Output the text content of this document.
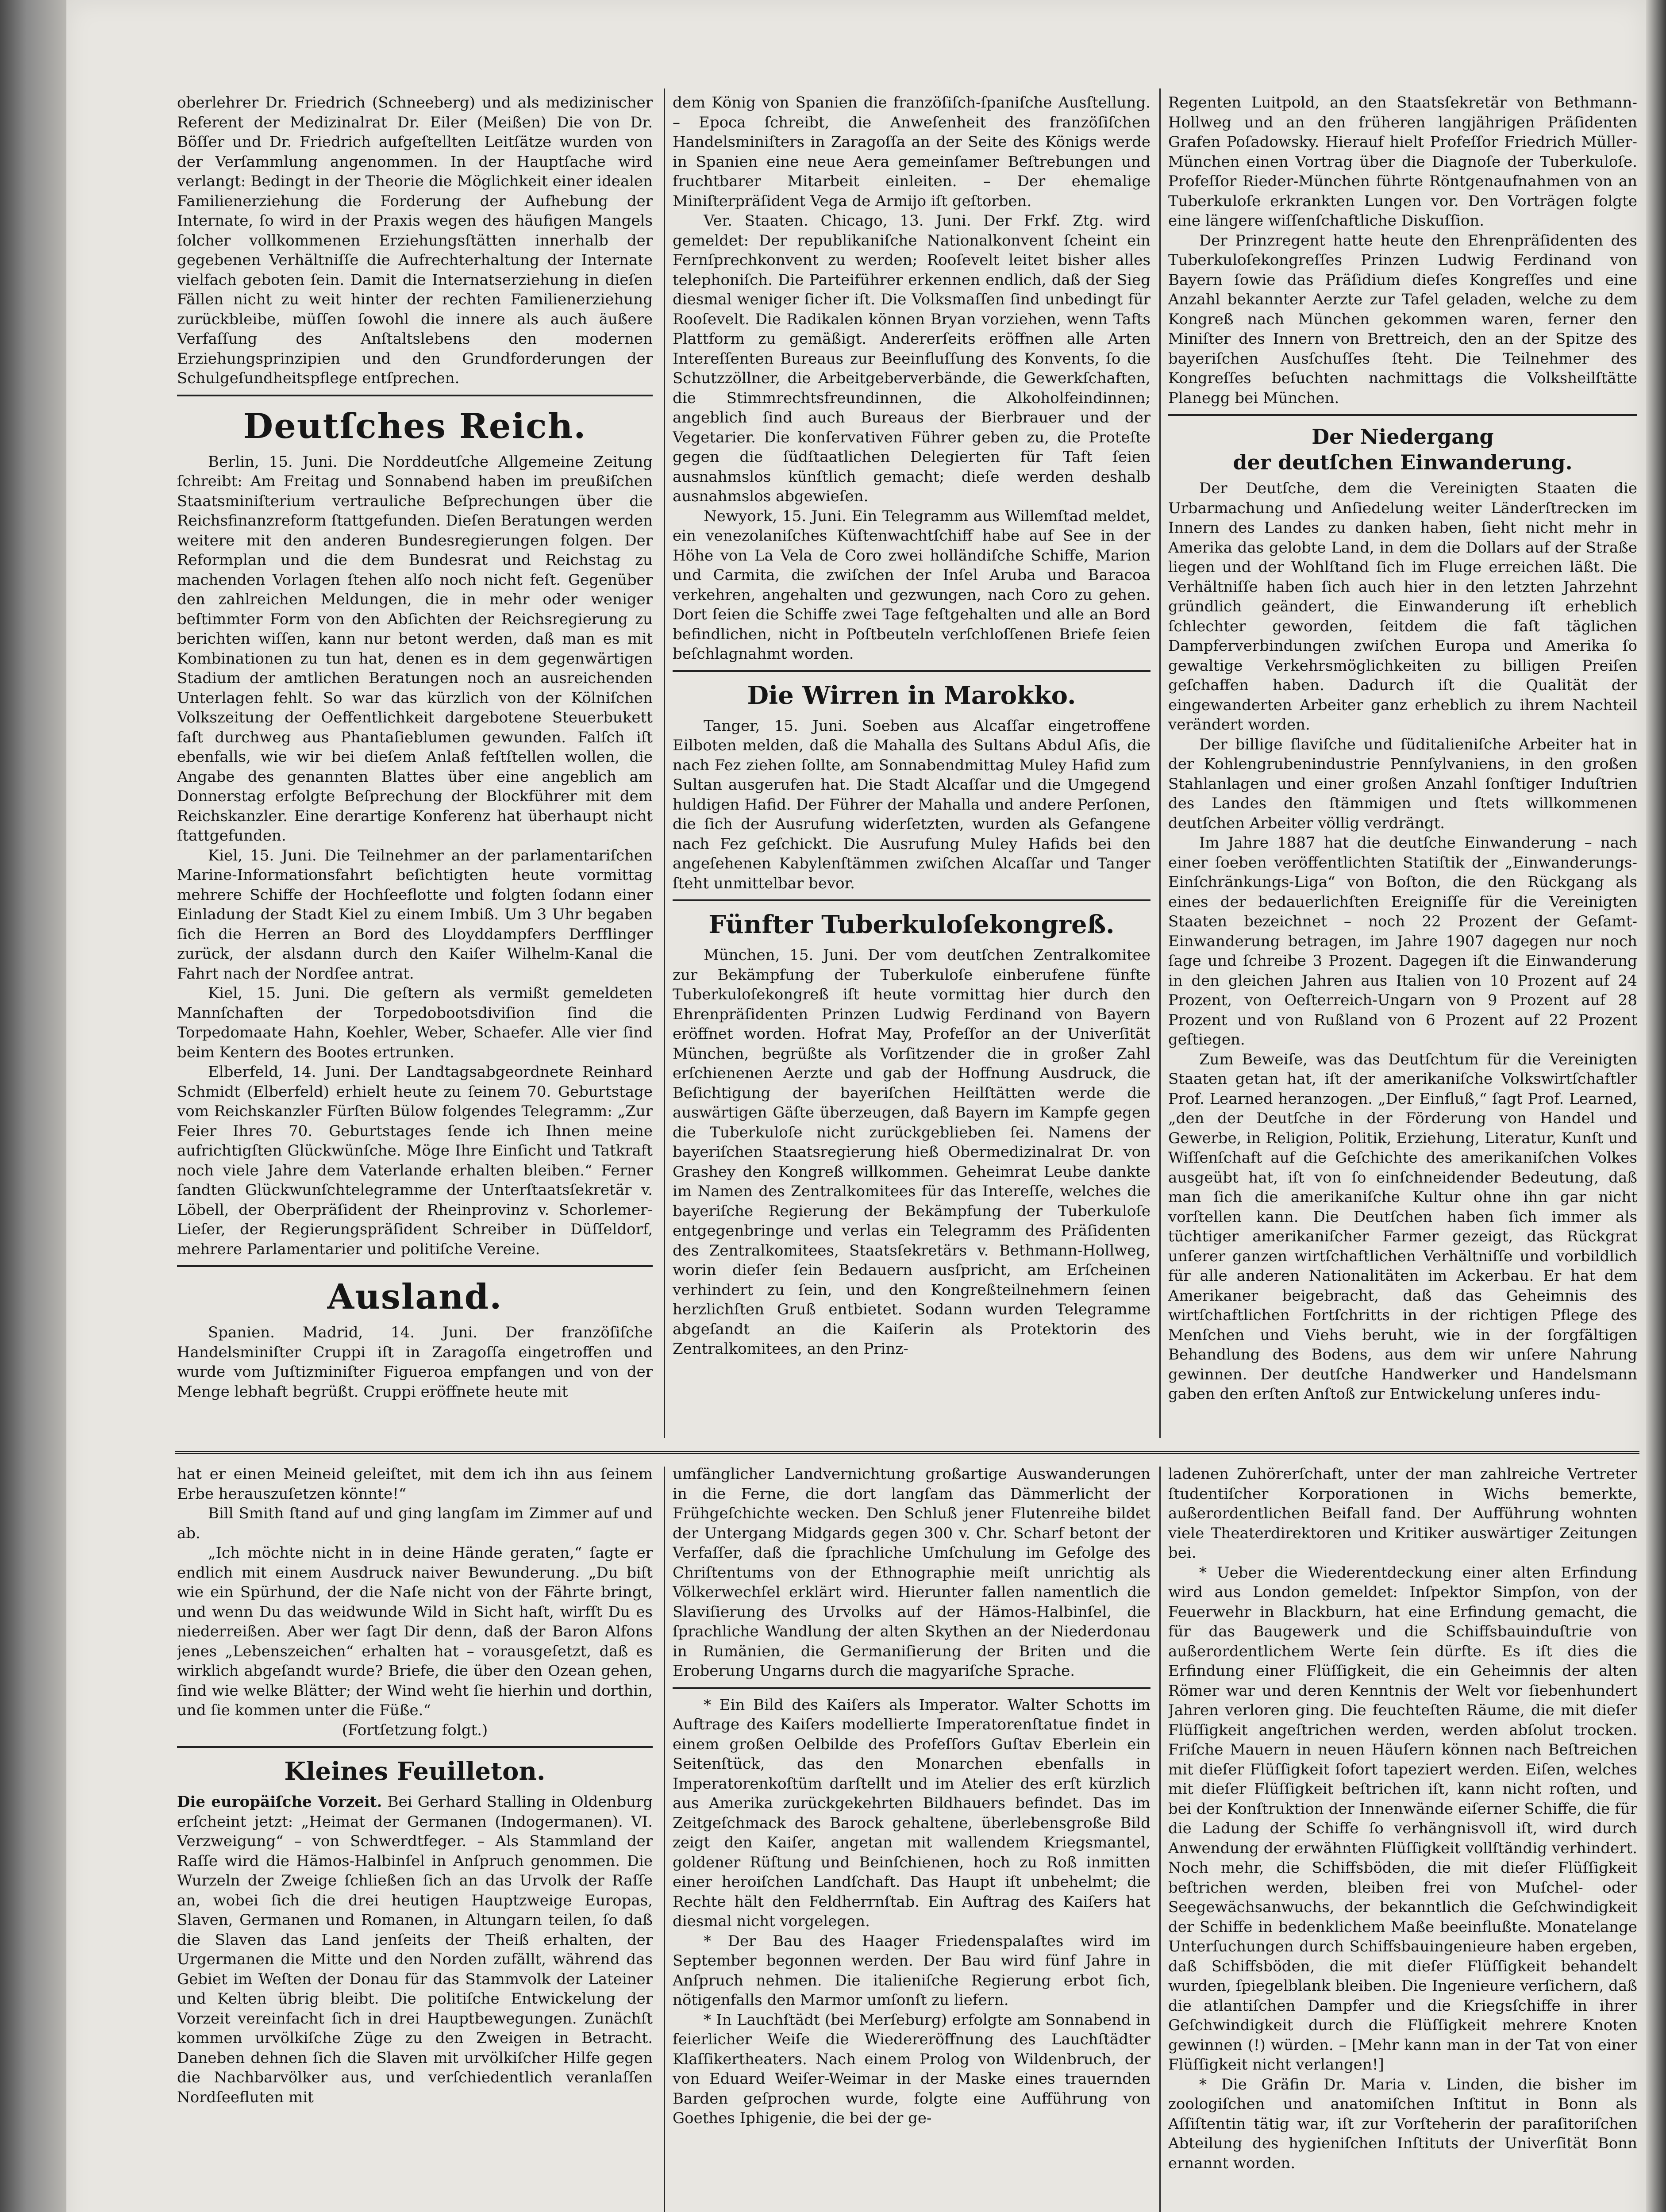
oberlehrer Dr. Friedrich (Schneeberg) und als medizinischer Referent der Medizinalrat Dr. Eiler (Meißen) Die von Dr. Böſſer und Dr. Friedrich aufgeſtellten Leitſätze wurden von der Verſammlung angenommen. In der Hauptſache wird verlangt: Bedingt in der Theorie die Möglichkeit einer idealen Familienerziehung die Forderung der Aufhebung der Internate, ſo wird in der Praxis wegen des häufigen Mangels ſolcher vollkommenen Erziehungsſtätten innerhalb der gegebenen Verhältniſſe die Aufrechterhaltung der Internate vielfach geboten ſein. Damit die Internatserziehung in dieſen Fällen nicht zu weit hinter der rechten Familienerziehung zurückbleibe, müſſen ſowohl die innere als auch äußere Verfaſſung des Anſtaltslebens den modernen Erziehungsprinzipien und den Grundforderungen der Schulgeſundheitspflege entſprechen.

Deutſches Reich.

Berlin, 15. Juni. Die Norddeutſche Allgemeine Zeitung ſchreibt: Am Freitag und Sonnabend haben im preußiſchen Staatsminiſterium vertrauliche Beſprechungen über die Reichsfinanzreform ſtattgefunden. Dieſen Beratungen werden weitere mit den anderen Bundesregierungen folgen. Der Reformplan und die dem Bundesrat und Reichstag zu machenden Vorlagen ſtehen alſo noch nicht feſt. Gegenüber den zahlreichen Meldungen, die in mehr oder weniger beſtimmter Form von den Abſichten der Reichsregierung zu berichten wiſſen, kann nur betont werden, daß man es mit Kombinationen zu tun hat, denen es in dem gegenwärtigen Stadium der amtlichen Beratungen noch an ausreichenden Unterlagen fehlt. So war das kürzlich von der Kölniſchen Volkszeitung der Oeffentlichkeit dargebotene Steuerbukett faſt durchweg aus Phantaſieblumen gewunden. Falſch iſt ebenfalls, wie wir bei dieſem Anlaß feſtſtellen wollen, die Angabe des genannten Blattes über eine angeblich am Donnerstag erfolgte Beſprechung der Blockführer mit dem Reichskanzler. Eine derartige Konferenz hat überhaupt nicht ſtattgefunden.

Kiel, 15. Juni. Die Teilnehmer an der parlamentariſchen Marine-Informationsfahrt beſichtigten heute vormittag mehrere Schiffe der Hochſeeflotte und folgten ſodann einer Einladung der Stadt Kiel zu einem Imbiß. Um 3 Uhr begaben ſich die Herren an Bord des Lloyddampfers Derfflinger zurück, der alsdann durch den Kaiſer Wilhelm-Kanal die Fahrt nach der Nordſee antrat.

Kiel, 15. Juni. Die geſtern als vermißt gemeldeten Mannſchaften der Torpedobootsdiviſion ſind die Torpedomaate Hahn, Koehler, Weber, Schaefer. Alle vier ſind beim Kentern des Bootes ertrunken.

Elberfeld, 14. Juni. Der Landtagsabgeordnete Reinhard Schmidt (Elberfeld) erhielt heute zu ſeinem 70. Geburtstage vom Reichskanzler Fürſten Bülow folgendes Telegramm: „Zur Feier Ihres 70. Geburtstages ſende ich Ihnen meine aufrichtigſten Glückwünſche. Möge Ihre Einſicht und Tatkraft noch viele Jahre dem Vaterlande erhalten bleiben.“ Ferner ſandten Glückwunſchtelegramme der Unterſtaatsſekretär v. Löbell, der Oberpräſident der Rheinprovinz v. Schorlemer-Lieſer, der Regierungspräſident Schreiber in Düſſeldorf, mehrere Parlamentarier und politiſche Vereine.

Ausland.

Spanien. Madrid, 14. Juni. Der franzöſiſche Handelsminiſter Cruppi iſt in Zaragoſſa eingetroffen und wurde vom Juſtizminiſter Figueroa empfangen und von der Menge lebhaft begrüßt. Cruppi eröffnete heute mit

dem König von Spanien die franzöſiſch-ſpaniſche Ausſtellung. – Epoca ſchreibt, die Anweſenheit des franzöſiſchen Handelsminiſters in Zaragoſſa an der Seite des Königs werde in Spanien eine neue Aera gemeinſamer Beſtrebungen und fruchtbarer Mitarbeit einleiten. – Der ehemalige Miniſterpräſident Vega de Armijo iſt geſtorben.

Ver. Staaten. Chicago, 13. Juni. Der Frkf. Ztg. wird gemeldet: Der republikaniſche Nationalkonvent ſcheint ein Fernſprechkonvent zu werden; Rooſevelt leitet bisher alles telephoniſch. Die Parteiführer erkennen endlich, daß der Sieg diesmal weniger ſicher iſt. Die Volksmaſſen ſind unbedingt für Rooſevelt. Die Radikalen können Bryan vorziehen, wenn Tafts Plattform zu gemäßigt. Andererſeits eröffnen alle Arten Intereſſenten Bureaus zur Beeinfluſſung des Konvents, ſo die Schutzzöllner, die Arbeitgeberverbände, die Gewerkſchaften, die Stimmrechtsfreundinnen, die Alkoholfeindinnen; angeblich ſind auch Bureaus der Bierbrauer und der Vegetarier. Die konſervativen Führer geben zu, die Proteſte gegen die ſüdſtaatlichen Delegierten für Taft ſeien ausnahmslos künſtlich gemacht; dieſe werden deshalb ausnahmslos abgewieſen.

Newyork, 15. Juni. Ein Telegramm aus Willemſtad meldet, ein venezolaniſches Küſtenwachtſchiff habe auf See in der Höhe von La Vela de Coro zwei holländiſche Schiffe, Marion und Carmita, die zwiſchen der Inſel Aruba und Baracoa verkehren, angehalten und gezwungen, nach Coro zu gehen. Dort ſeien die Schiffe zwei Tage feſtgehalten und alle an Bord befindlichen, nicht in Poſtbeuteln verſchloſſenen Briefe ſeien beſchlagnahmt worden.

Die Wirren in Marokko.

Tanger, 15. Juni. Soeben aus Alcaſſar eingetroffene Eilboten melden, daß die Mahalla des Sultans Abdul Aſis, die nach Fez ziehen ſollte, am Sonnabendmittag Muley Hafid zum Sultan ausgerufen hat. Die Stadt Alcaſſar und die Umgegend huldigen Hafid. Der Führer der Mahalla und andere Perſonen, die ſich der Ausrufung widerſetzten, wurden als Gefangene nach Fez geſchickt. Die Ausrufung Muley Hafids bei den angeſehenen Kabylenſtämmen zwiſchen Alcaſſar und Tanger ſteht unmittelbar bevor.

Fünfter Tuberkuloſekongreß.

München, 15. Juni. Der vom deutſchen Zentralkomitee zur Bekämpfung der Tuberkuloſe einberufene fünfte Tuberkuloſekongreß iſt heute vormittag hier durch den Ehrenpräſidenten Prinzen Ludwig Ferdinand von Bayern eröffnet worden. Hofrat May, Profeſſor an der Univerſität München, begrüßte als Vorſitzender die in großer Zahl erſchienenen Aerzte und gab der Hoffnung Ausdruck, die Beſichtigung der bayeriſchen Heilſtätten werde die auswärtigen Gäſte überzeugen, daß Bayern im Kampfe gegen die Tuberkuloſe nicht zurückgeblieben ſei. Namens der bayeriſchen Staatsregierung hieß Obermedizinalrat Dr. von Grashey den Kongreß willkommen. Geheimrat Leube dankte im Namen des Zentralkomitees für das Intereſſe, welches die bayeriſche Regierung der Bekämpfung der Tuberkuloſe entgegenbringe und verlas ein Telegramm des Präſidenten des Zentralkomitees, Staatsſekretärs v. Bethmann-Hollweg, worin dieſer ſein Bedauern ausſpricht, am Erſcheinen verhindert zu ſein, und den Kongreßteilnehmern ſeinen herzlichſten Gruß entbietet. Sodann wurden Telegramme abgeſandt an die Kaiſerin als Protektorin des Zentralkomitees, an den Prinz-

Regenten Luitpold, an den Staatsſekretär von Bethmann-Hollweg und an den früheren langjährigen Präſidenten Grafen Poſadowsky. Hierauf hielt Profeſſor Friedrich Müller-München einen Vortrag über die Diagnoſe der Tuberkuloſe. Profeſſor Rieder-München führte Röntgenaufnahmen von an Tuberkuloſe erkrankten Lungen vor. Den Vorträgen folgte eine längere wiſſenſchaftliche Diskuſſion.

Der Prinzregent hatte heute den Ehrenpräſidenten des Tuberkuloſekongreſſes Prinzen Ludwig Ferdinand von Bayern ſowie das Präſidium dieſes Kongreſſes und eine Anzahl bekannter Aerzte zur Tafel geladen, welche zu dem Kongreß nach München gekommen waren, ferner den Miniſter des Innern von Brettreich, den an der Spitze des bayeriſchen Ausſchuſſes ſteht. Die Teilnehmer des Kongreſſes beſuchten nachmittags die Volksheilſtätte Planegg bei München.

Der Niedergang
der deutſchen Einwanderung.

Der Deutſche, dem die Vereinigten Staaten die Urbarmachung und Anſiedelung weiter Länderſtrecken im Innern des Landes zu danken haben, ſieht nicht mehr in Amerika das gelobte Land, in dem die Dollars auf der Straße liegen und der Wohlſtand ſich im Fluge erreichen läßt. Die Verhältniſſe haben ſich auch hier in den letzten Jahrzehnt gründlich geändert, die Einwanderung iſt erheblich ſchlechter geworden, ſeitdem die faſt täglichen Dampferverbindungen zwiſchen Europa und Amerika ſo gewaltige Verkehrsmöglichkeiten zu billigen Preiſen geſchaffen haben. Dadurch iſt die Qualität der eingewanderten Arbeiter ganz erheblich zu ihrem Nachteil verändert worden.

Der billige ſlaviſche und ſüditalieniſche Arbeiter hat in der Kohlengrubenindustrie Pennſylvaniens, in den großen Stahlanlagen und einer großen Anzahl ſonſtiger Induſtrien des Landes den ſtämmigen und ſtets willkommenen deutſchen Arbeiter völlig verdrängt.

Im Jahre 1887 hat die deutſche Einwanderung – nach einer ſoeben veröffentlichten Statiſtik der „Einwanderungs-Einſchränkungs-Liga“ von Boſton, die den Rückgang als eines der bedauerlichſten Ereigniſſe für die Vereinigten Staaten bezeichnet – noch 22 Prozent der Geſamt-Einwanderung betragen, im Jahre 1907 dagegen nur noch ſage und ſchreibe 3 Prozent. Dagegen iſt die Einwanderung in den gleichen Jahren aus Italien von 10 Prozent auf 24 Prozent, von Oeſterreich-Ungarn von 9 Prozent auf 28 Prozent und von Rußland von 6 Prozent auf 22 Prozent geſtiegen.

Zum Beweiſe, was das Deutſchtum für die Vereinigten Staaten getan hat, iſt der amerikaniſche Volkswirtſchaftler Prof. Learned heranzogen. „Der Einfluß,“ ſagt Prof. Learned, „den der Deutſche in der Förderung von Handel und Gewerbe, in Religion, Politik, Erziehung, Literatur, Kunſt und Wiſſenſchaft auf die Geſchichte des amerikaniſchen Volkes ausgeübt hat, iſt von ſo einſchneidender Bedeutung, daß man ſich die amerikaniſche Kultur ohne ihn gar nicht vorſtellen kann. Die Deutſchen haben ſich immer als tüchtiger amerikaniſcher Farmer gezeigt, das Rückgrat unſerer ganzen wirtſchaftlichen Verhältniſſe und vorbildlich für alle anderen Nationalitäten im Ackerbau. Er hat dem Amerikaner beigebracht, daß das Geheimnis des wirtſchaftlichen Fortſchritts in der richtigen Pflege des Menſchen und Viehs beruht, wie in der ſorgfältigen Behandlung des Bodens, aus dem wir unſere Nahrung gewinnen. Der deutſche Handwerker und Handelsmann gaben den erſten Anſtoß zur Entwickelung unſeres indu-

hat er einen Meineid geleiſtet, mit dem ich ihn aus ſeinem Erbe herauszuſetzen könnte!“

Bill Smith ſtand auf und ging langſam im Zimmer auf und ab.

„Ich möchte nicht in in deine Hände geraten,“ ſagte er endlich mit einem Ausdruck naiver Bewunderung. „Du biſt wie ein Spürhund, der die Naſe nicht von der Fährte bringt, und wenn Du das weidwunde Wild in Sicht haſt, wirfſt Du es niederreißen. Aber wer ſagt Dir denn, daß der Baron Alfons jenes „Lebenszeichen“ erhalten hat – vorausgeſetzt, daß es wirklich abgeſandt wurde? Briefe, die über den Ozean gehen, ſind wie welke Blätter; der Wind weht ſie hierhin und dorthin, und ſie kommen unter die Füße.“

(Fortſetzung folgt.)

Kleines Feuilleton.

Die europäiſche Vorzeit. Bei Gerhard Stalling in Oldenburg erſcheint jetzt: „Heimat der Germanen (Indogermanen). VI. Verzweigung“ – von Schwerdtfeger. – Als Stammland der Raſſe wird die Hämos-Halbinſel in Anſpruch genommen. Die Wurzeln der Zweige ſchließen ſich an das Urvolk der Raſſe an, wobei ſich die drei heutigen Hauptzweige Europas, Slaven, Germanen und Romanen, in Altungarn teilen, ſo daß die Slaven das Land jenſeits der Theiß erhalten, der Urgermanen die Mitte und den Norden zufällt, während das Gebiet im Weſten der Donau für das Stammvolk der Lateiner und Kelten übrig bleibt. Die politiſche Entwickelung der Vorzeit vereinfacht ſich in drei Hauptbewegungen. Zunächſt kommen urvölkiſche Züge zu den Zweigen in Betracht. Daneben dehnen ſich die Slaven mit urvölkiſcher Hilfe gegen die Nachbarvölker aus, und verſchiedentlich veranlaſſen Nordſeefluten mit

umfänglicher Landvernichtung großartige Auswanderungen in die Ferne, die dort langſam das Dämmerlicht der Frühgeſchichte wecken. Den Schluß jener Flutenreihe bildet der Untergang Midgards gegen 300 v. Chr. Scharf betont der Verfaſſer, daß die ſprachliche Umſchulung im Gefolge des Chriſtentums von der Ethnographie meiſt unrichtig als Völkerwechſel erklärt wird. Hierunter fallen namentlich die Slaviſierung des Urvolks auf der Hämos-Halbinſel, die ſprachliche Wandlung der alten Skythen an der Niederdonau in Rumänien, die Germaniſierung der Briten und die Eroberung Ungarns durch die magyariſche Sprache.

* Ein Bild des Kaiſers als Imperator. Walter Schotts im Auftrage des Kaiſers modellierte Imperatorenſtatue findet in einem großen Oelbilde des Profeſſors Guſtav Eberlein ein Seitenſtück, das den Monarchen ebenfalls in Imperatorenkoſtüm darſtellt und im Atelier des erſt kürzlich aus Amerika zurückgekehrten Bildhauers befindet. Das im Zeitgeſchmack des Barock gehaltene, überlebensgroße Bild zeigt den Kaiſer, angetan mit wallendem Kriegsmantel, goldener Rüſtung und Beinſchienen, hoch zu Roß inmitten einer heroiſchen Landſchaft. Das Haupt iſt unbehelmt; die Rechte hält den Feldherrnſtab. Ein Auftrag des Kaiſers hat diesmal nicht vorgelegen.

* Der Bau des Haager Friedenspalaſtes wird im September begonnen werden. Der Bau wird fünf Jahre in Anſpruch nehmen. Die italieniſche Regierung erbot ſich, nötigenfalls den Marmor umſonſt zu liefern.

* In Lauchſtädt (bei Merſeburg) erfolgte am Sonnabend in feierlicher Weiſe die Wiedereröffnung des Lauchſtädter Klaſſikertheaters. Nach einem Prolog von Wildenbruch, der von Eduard Weiſer-Weimar in der Maske eines trauernden Barden geſprochen wurde, folgte eine Aufführung von Goethes Iphigenie, die bei der ge-

ladenen Zuhörerſchaft, unter der man zahlreiche Vertreter ſtudentiſcher Korporationen in Wichs bemerkte, außerordentlichen Beifall fand. Der Aufführung wohnten viele Theaterdirektoren und Kritiker auswärtiger Zeitungen bei.

* Ueber die Wiederentdeckung einer alten Erfindung wird aus London gemeldet: Inſpektor Simpſon, von der Feuerwehr in Blackburn, hat eine Erfindung gemacht, die für das Baugewerk und die Schiffsbauinduſtrie von außerordentlichem Werte ſein dürfte. Es iſt dies die Erfindung einer Flüſſigkeit, die ein Geheimnis der alten Römer war und deren Kenntnis der Welt vor ſiebenhundert Jahren verloren ging. Die feuchteſten Räume, die mit dieſer Flüſſigkeit angeſtrichen werden, werden abſolut trocken. Friſche Mauern in neuen Häuſern können nach Beſtreichen mit dieſer Flüſſigkeit ſofort tapeziert werden. Eiſen, welches mit dieſer Flüſſigkeit beſtrichen iſt, kann nicht roſten, und bei der Konſtruktion der Innenwände eiſerner Schiffe, die für die Ladung der Schiffe ſo verhängnisvoll iſt, wird durch Anwendung der erwähnten Flüſſigkeit vollſtändig verhindert. Noch mehr, die Schiffsböden, die mit dieſer Flüſſigkeit beſtrichen werden, bleiben frei von Muſchel- oder Seegewächsanwuchs, der bekanntlich die Geſchwindigkeit der Schiffe in bedenklichem Maße beeinflußte. Monatelange Unterſuchungen durch Schiffsbauingenieure haben ergeben, daß Schiffsböden, die mit dieſer Flüſſigkeit behandelt wurden, ſpiegelblank bleiben. Die Ingenieure verſichern, daß die atlantiſchen Dampfer und die Kriegsſchiffe in ihrer Geſchwindigkeit durch die Flüſſigkeit mehrere Knoten gewinnen (!) würden. – [Mehr kann man in der Tat von einer Flüſſigkeit nicht verlangen!]

* Die Gräfin Dr. Maria v. Linden, die bisher im zoologiſchen und anatomiſchen Inſtitut in Bonn als Aſſiſtentin tätig war, iſt zur Vorſteherin der paraſitoriſchen Abteilung des hygieniſchen Inſtituts der Univerſität Bonn ernannt worden.
